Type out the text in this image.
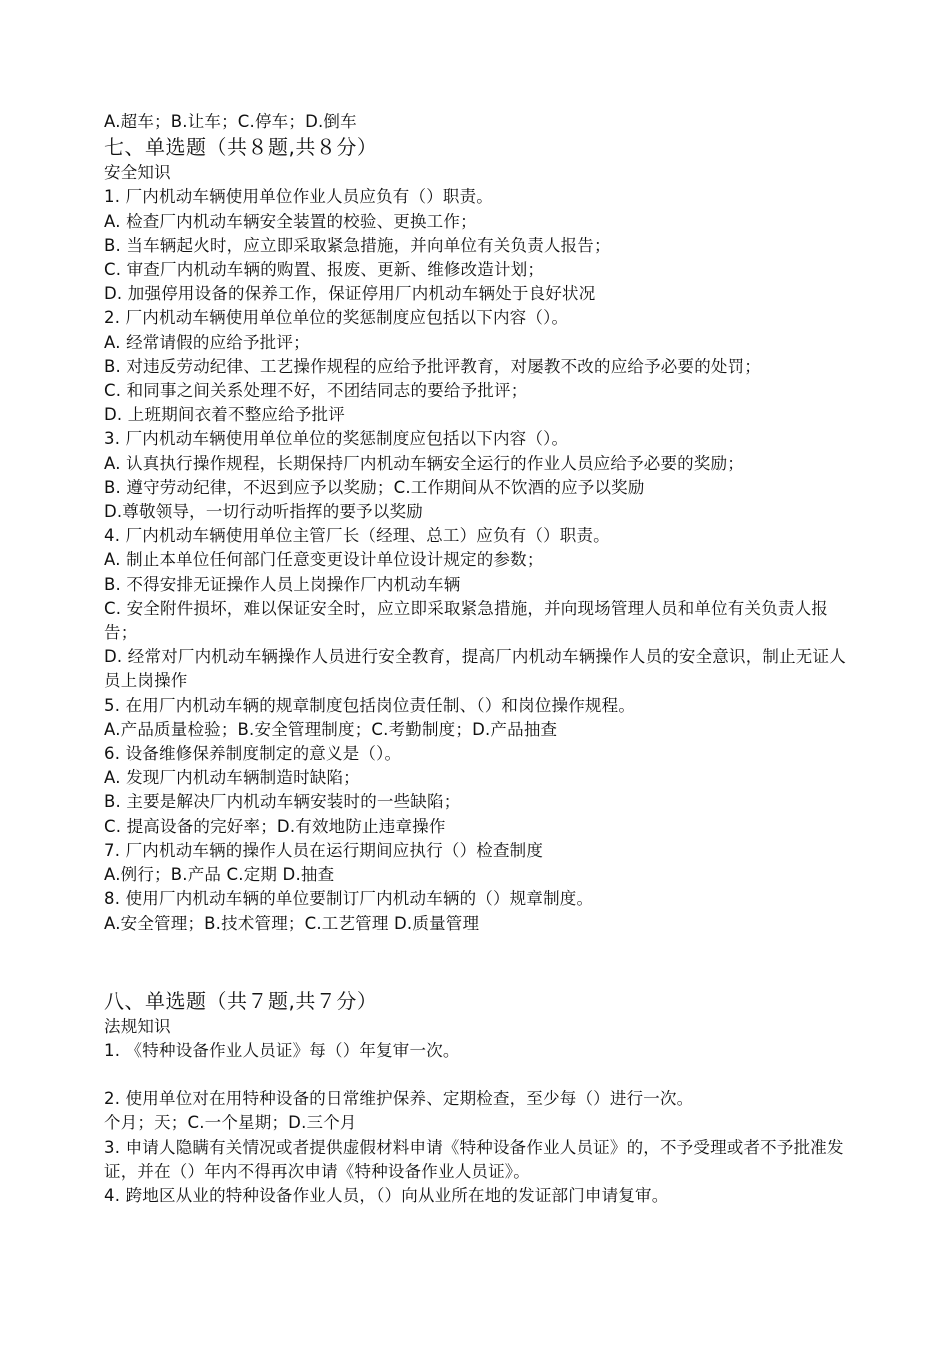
A.超车；B.让车；C.停车；D.倒车
七、单选题（共８题,共８分）
安全知识
1. 厂内机动车辆使用单位作业人员应负有（）职责。
A. 检查厂内机动车辆安全装置的校验、更换工作；
B. 当车辆起火时，应立即采取紧急措施，并向单位有关负责人报告；
C. 审查厂内机动车辆的购置、报废、更新、维修改造计划；
D. 加强停用设备的保养工作，保证停用厂内机动车辆处于良好状况
2. 厂内机动车辆使用单位单位的奖惩制度应包括以下内容（）。
A. 经常请假的应给予批评；
B. 对违反劳动纪律、工艺操作规程的应给予批评教育，对屡教不改的应给予必要的处罚；
C. 和同事之间关系处理不好，不团结同志的要给予批评；
D. 上班期间衣着不整应给予批评
3. 厂内机动车辆使用单位单位的奖惩制度应包括以下内容（）。
A. 认真执行操作规程，长期保持厂内机动车辆安全运行的作业人员应给予必要的奖励；
B. 遵守劳动纪律，不迟到应予以奖励；C.工作期间从不饮酒的应予以奖励
D.尊敬领导，一切行动听指挥的要予以奖励
4. 厂内机动车辆使用单位主管厂长（经理、总工）应负有（）职责。
A. 制止本单位任何部门任意变更设计单位设计规定的参数；
B. 不得安排无证操作人员上岗操作厂内机动车辆
C. 安全附件损坏，难以保证安全时，应立即采取紧急措施，并向现场管理人员和单位有关负责人报告；
D. 经常对厂内机动车辆操作人员进行安全教育，提高厂内机动车辆操作人员的安全意识，制止无证人员上岗操作
5. 在用厂内机动车辆的规章制度包括岗位责任制、（）和岗位操作规程。
A.产品质量检验；B.安全管理制度；C.考勤制度；D.产品抽查
6. 设备维修保养制度制定的意义是（）。
A. 发现厂内机动车辆制造时缺陷；
B. 主要是解决厂内机动车辆安装时的一些缺陷；
C. 提高设备的完好率；D.有效地防止违章操作
7. 厂内机动车辆的操作人员在运行期间应执行（）检查制度
A.例行；B.产品 C.定期 D.抽查
8. 使用厂内机动车辆的单位要制订厂内机动车辆的（）规章制度。
A.安全管理；B.技术管理；C.工艺管理 D.质量管理
八、单选题（共７题,共７分）
法规知识
1. 《特种设备作业人员证》每（）年复审一次。
2. 使用单位对在用特种设备的日常维护保养、定期检查，至少每（）进行一次。
个月；天；C.一个星期；D.三个月
3. 申请人隐瞒有关情况或者提供虚假材料申请《特种设备作业人员证》的，不予受理或者不予批准发证，并在（）年内不得再次申请《特种设备作业人员证》。
4. 跨地区从业的特种设备作业人员，（）向从业所在地的发证部门申请复审。
